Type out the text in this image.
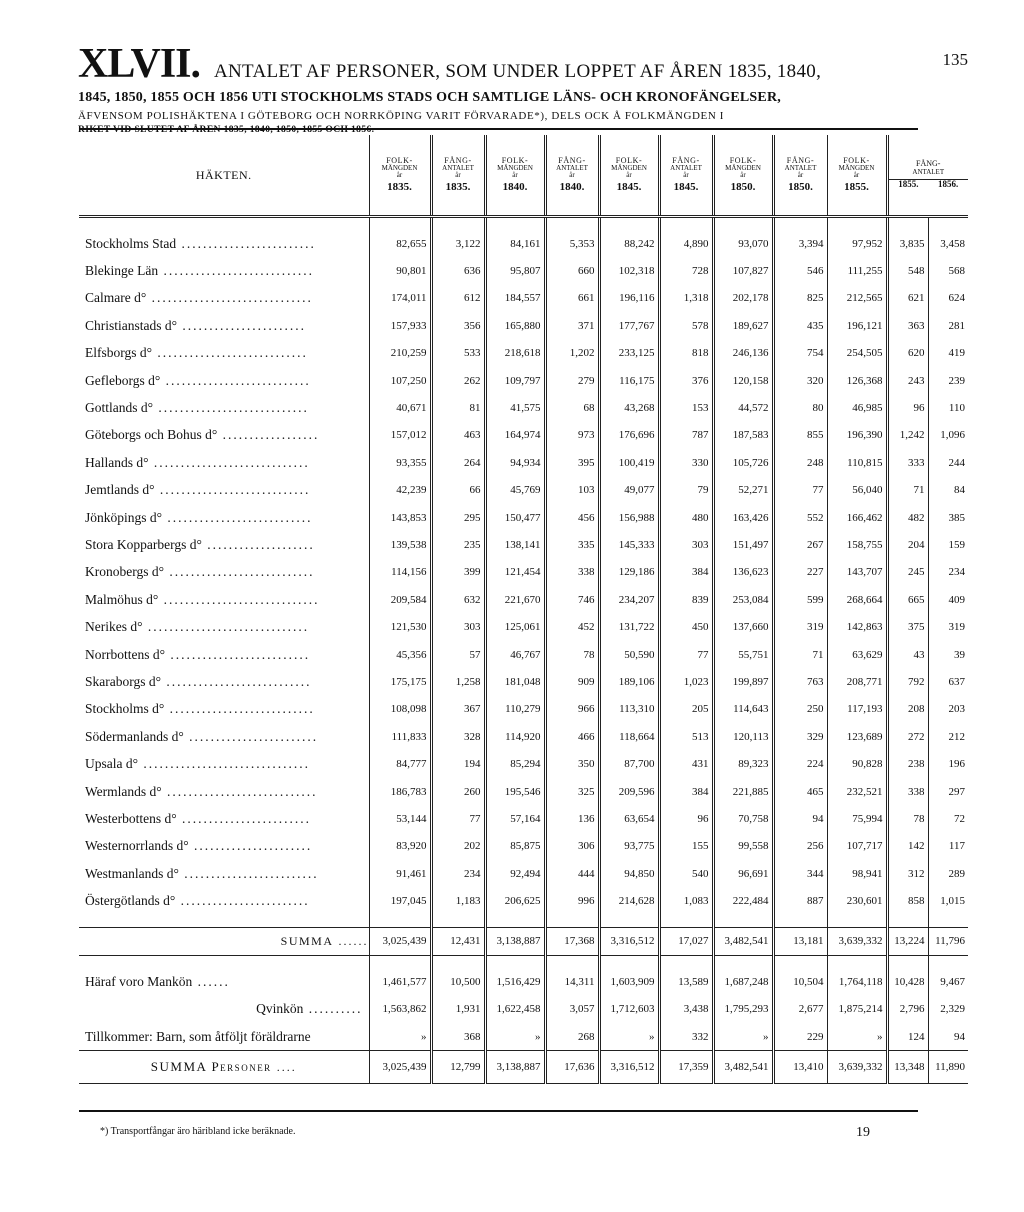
XLVII. ANTALET AF PERSONER, SOM UNDER LOPPET AF ÅREN 1835, 1840,
135
1845, 1850, 1855 OCH 1856 UTI STOCKHOLMS STADS OCH SAMTLIGE LÄNS- OCH KRONOFÄNGELSER,
ÄFVENSOM POLISHÄKTENA I GÖTEBORG OCH NORRKÖPING VARIT FÖRVARADE*), DELS OCK Å FOLKMÄNGDEN I
RIKET VID SLUTET AF ÅREN 1835, 1840, 1850, 1855 OCH 1856.
HÄKTEN.	FOLK-
MÄNGDEN
år
1835.	FÅNG-
ANTALET
år
1835.	FOLK-
MÄNGDEN
år
1840.	FÅNG-
ANTALET
år
1840.	FOLK-
MÄNGDEN
år
1845.	FÅNG-
ANTALET
år
1845.	FOLK-
MÄNGDEN
år
1850.	FÅNG-
ANTALET
år
1850.	FOLK-
MÄNGDEN
år
1855.	FÅNG-
ANTALET
1855. 1856.	

Stockholms Stad .........................	82,655	3,122	84,161	5,353	88,242	4,890	93,070	3,394	97,952	3,835	3,458
Blekinge Län ............................	90,801	636	95,807	660	102,318	728	107,827	546	111,255	548	568
Calmare d° ..............................	174,011	612	184,557	661	196,116	1,318	202,178	825	212,565	621	624
Christianstads d° .......................	157,933	356	165,880	371	177,767	578	189,627	435	196,121	363	281
Elfsborgs d° ............................	210,259	533	218,618	1,202	233,125	818	246,136	754	254,505	620	419
Gefleborgs d° ...........................	107,250	262	109,797	279	116,175	376	120,158	320	126,368	243	239
Gottlands d° ............................	40,671	81	41,575	68	43,268	153	44,572	80	46,985	96	110
Göteborgs och Bohus d° ..................	157,012	463	164,974	973	176,696	787	187,583	855	196,390	1,242	1,096
Hallands d° .............................	93,355	264	94,934	395	100,419	330	105,726	248	110,815	333	244
Jemtlands d° ............................	42,239	66	45,769	103	49,077	79	52,271	77	56,040	71	84
Jönköpings d° ...........................	143,853	295	150,477	456	156,988	480	163,426	552	166,462	482	385
Stora Kopparbergs d° ....................	139,538	235	138,141	335	145,333	303	151,497	267	158,755	204	159
Kronobergs d° ...........................	114,156	399	121,454	338	129,186	384	136,623	227	143,707	245	234
Malmöhus d° .............................	209,584	632	221,670	746	234,207	839	253,084	599	268,664	665	409
Nerikes d° ..............................	121,530	303	125,061	452	131,722	450	137,660	319	142,863	375	319
Norrbottens d° ..........................	45,356	57	46,767	78	50,590	77	55,751	71	63,629	43	39
Skaraborgs d° ...........................	175,175	1,258	181,048	909	189,106	1,023	199,897	763	208,771	792	637
Stockholms d° ...........................	108,098	367	110,279	966	113,310	205	114,643	250	117,193	208	203
Södermanlands d° ........................	111,833	328	114,920	466	118,664	513	120,113	329	123,689	272	212
Upsala d° ...............................	84,777	194	85,294	350	87,700	431	89,323	224	90,828	238	196
Wermlands d° ............................	186,783	260	195,546	325	209,596	384	221,885	465	232,521	338	297
Westerbottens d° ........................	53,144	77	57,164	136	63,654	96	70,758	94	75,994	78	72
Westernorrlands d° ......................	83,920	202	85,875	306	93,775	155	99,558	256	107,717	142	117
Westmanlands d° .........................	91,461	234	92,494	444	94,850	540	96,691	344	98,941	312	289
Östergötlands d° ........................	197,045	1,183	206,625	996	214,628	1,083	222,484	887	230,601	858	1,015

SUMMA ......	3,025,439	12,431	3,138,887	17,368	3,316,512	17,027	3,482,541	13,181	3,639,332	13,224	11,796

Häraf voro Mankön ......	1,461,577	10,500	1,516,429	14,311	1,603,909	13,589	1,687,248	10,504	1,764,118	10,428	9,467
Qvinkön ..........	1,563,862	1,931	1,622,458	3,057	1,712,603	3,438	1,795,293	2,677	1,875,214	2,796	2,329
Tillkommer: Barn, som åtföljt föräldrarne	»	368	»	268	»	332	»	229	»	124	94
SUMMA Personer ....	3,025,439	12,799	3,138,887	17,636	3,316,512	17,359	3,482,541	13,410	3,639,332	13,348	11,890
*) Transportfångar äro häribland icke beräknade.	19
